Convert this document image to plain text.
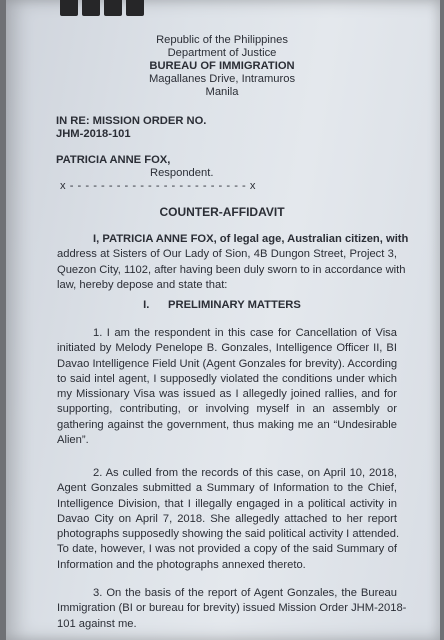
Republic of the Philippines
Department of Justice
BUREAU OF IMMIGRATION
Magallanes Drive, Intramuros
Manila
IN RE: MISSION ORDER NO.
JHM-2018-101
PATRICIA ANNE FOX,
Respondent.
x - - - - - - - - - - - - - - - - - - - - - - - x
COUNTER-AFFIDAVIT
I, PATRICIA ANNE FOX, of legal age, Australian citizen, with
address at Sisters of Our Lady of Sion, 4B Dungon Street, Project 3,
Quezon City, 1102, after having been duly sworn to in accordance with
law, hereby depose and state that:
I.      PRELIMINARY MATTERS
1. I am the respondent in this case for Cancellation of Visa
initiated by Melody Penelope B. Gonzales, Intelligence Officer II, BI
Davao Intelligence Field Unit (Agent Gonzales for brevity). According
to said intel agent, I supposedly violated the conditions under which
my Missionary Visa was issued as I allegedly joined rallies, and for
supporting, contributing, or involving myself in an assembly or
gathering against the government, thus making me an “Undesirable
Alien”.
2. As culled from the records of this case, on April 10, 2018,
Agent Gonzales submitted a Summary of Information to the Chief,
Intelligence Division, that I illegally engaged in a political activity in
Davao City on April 7, 2018. She allegedly attached to her report
photographs supposedly showing the said political activity I attended.
To date, however, I was not provided a copy of the said Summary of
Information and the photographs annexed thereto.
3. On the basis of the report of Agent Gonzales, the Bureau
Immigration (BI or bureau for brevity) issued Mission Order JHM-2018-
101 against me.
